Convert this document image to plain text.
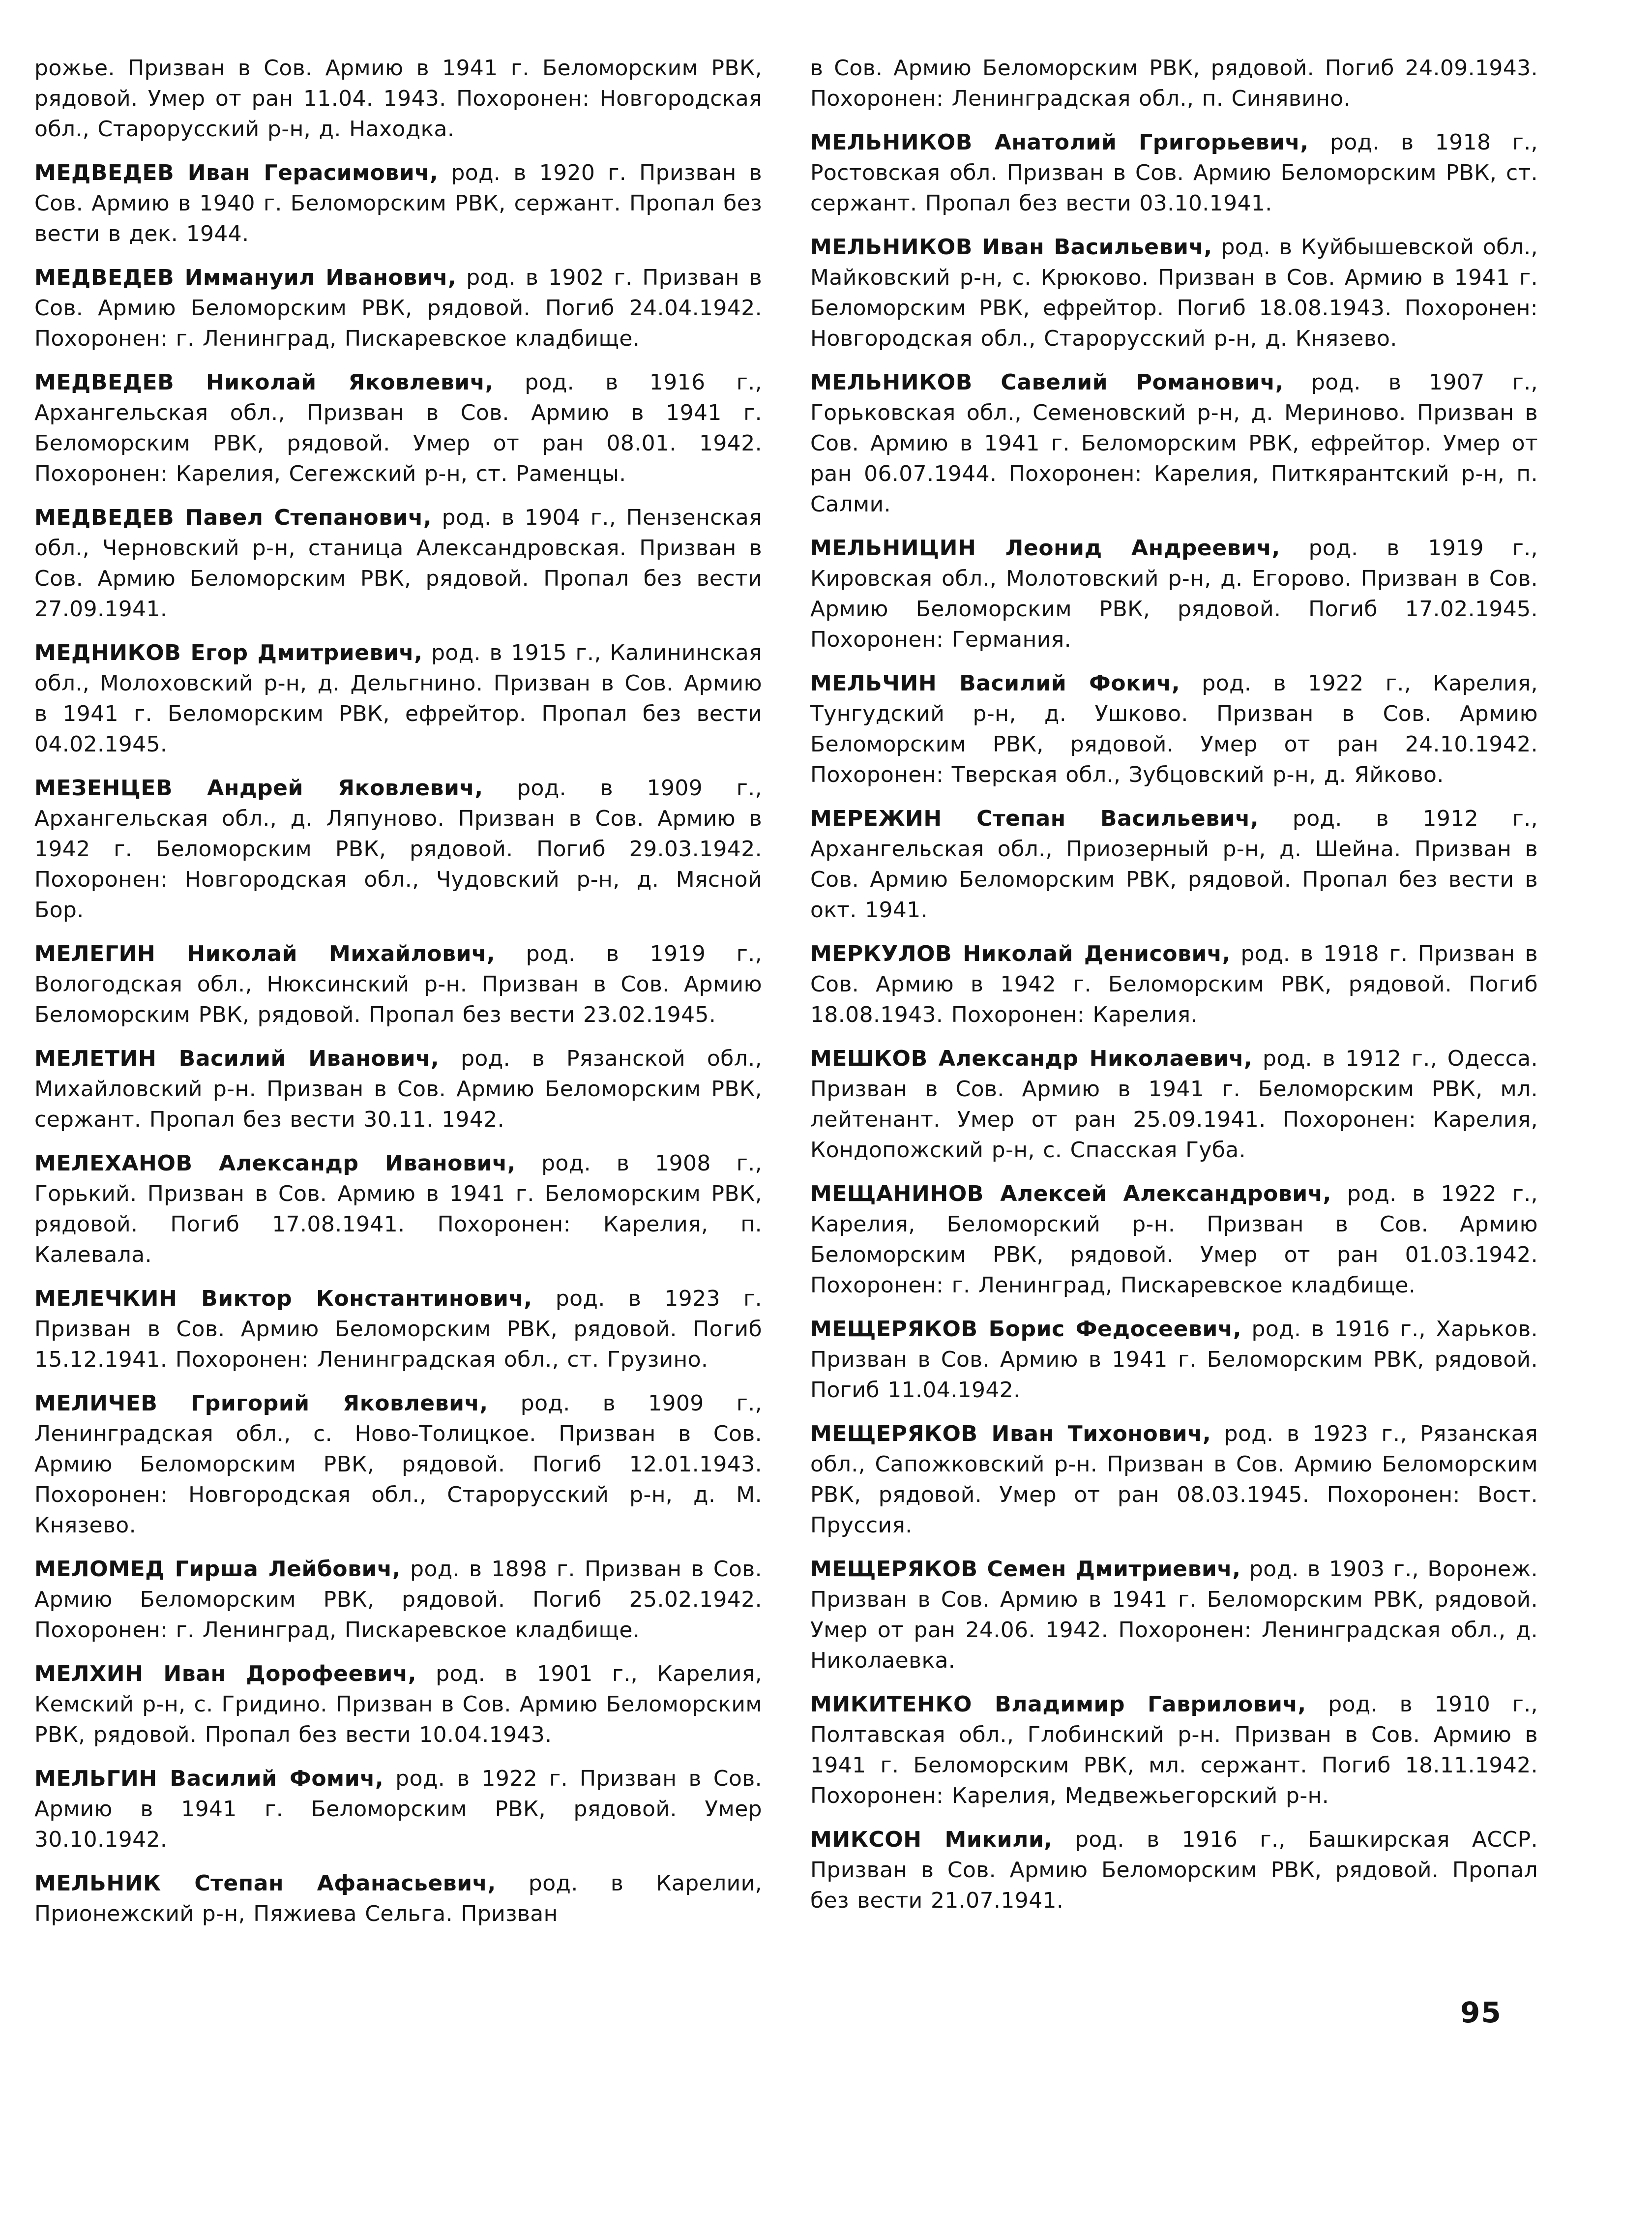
рожье. Призван в Сов. Армию в 1941 г. Беломорским РВК, рядовой. Умер от ран 11.04. 1943. Похоронен: Новгородская обл., Старорусский р-н, д. Находка.

МЕДВЕДЕВ Иван Герасимович, род. в 1920 г. Призван в Сов. Армию в 1940 г. Беломорским РВК, сержант. Пропал без вести в дек. 1944.

МЕДВЕДЕВ Иммануил Иванович, род. в 1902 г. Призван в Сов. Армию Беломорским РВК, рядовой. Погиб 24.04.1942. Похоронен: г. Ленинград, Пискаревское кладбище.

МЕДВЕДЕВ Николай Яковлевич, род. в 1916 г., Архангельская обл., Призван в Сов. Армию в 1941 г. Беломорским РВК, рядовой. Умер от ран 08.01. 1942. Похоронен: Карелия, Сегежский р-н, ст. Раменцы.

МЕДВЕДЕВ Павел Степанович, род. в 1904 г., Пензенская обл., Черновский р-н, станица Александровская. Призван в Сов. Армию Беломорским РВК, рядовой. Пропал без вести 27.09.1941.

МЕДНИКОВ Егор Дмитриевич, род. в 1915 г., Калининская обл., Молоховский р-н, д. Дельгнино. Призван в Сов. Армию в 1941 г. Беломорским РВК, ефрейтор. Пропал без вести 04.02.1945.

МЕЗЕНЦЕВ Андрей Яковлевич, род. в 1909 г., Архангельская обл., д. Ляпуново. Призван в Сов. Армию в 1942 г. Беломорским РВК, рядовой. Погиб 29.03.1942. Похоронен: Новгородская обл., Чудовский р-н, д. Мясной Бор.

МЕЛЕГИН Николай Михайлович, род. в 1919 г., Вологодская обл., Нюксинский р-н. Призван в Сов. Армию Беломорским РВК, рядовой. Пропал без вести 23.02.1945.

МЕЛЕТИН Василий Иванович, род. в Рязанской обл., Михайловский р-н. Призван в Сов. Армию Беломорским РВК, сержант. Пропал без вести 30.11. 1942.

МЕЛЕХАНОВ Александр Иванович, род. в 1908 г., Горький. Призван в Сов. Армию в 1941 г. Беломорским РВК, рядовой. Погиб 17.08.1941. Похоронен: Карелия, п. Калевала.

МЕЛЕЧКИН Виктор Константинович, род. в 1923 г. Призван в Сов. Армию Беломорским РВК, рядовой. Погиб 15.12.1941. Похоронен: Ленинградская обл., ст. Грузино.

МЕЛИЧЕВ Григорий Яковлевич, род. в 1909 г., Ленинградская обл., с. Ново-Толицкое. Призван в Сов. Армию Беломорским РВК, рядовой. Погиб 12.01.1943. Похоронен: Новгородская обл., Старорусский р-н, д. М. Князево.

МЕЛОМЕД Гирша Лейбович, род. в 1898 г. Призван в Сов. Армию Беломорским РВК, рядовой. Погиб 25.02.1942. Похоронен: г. Ленинград, Пискаревское кладбище.

МЕЛХИН Иван Дорофеевич, род. в 1901 г., Карелия, Кемский р-н, с. Гридино. Призван в Сов. Армию Беломорским РВК, рядовой. Пропал без вести 10.04.1943.

МЕЛЬГИН Василий Фомич, род. в 1922 г. Призван в Сов. Армию в 1941 г. Беломорским РВК, рядовой. Умер 30.10.1942.

МЕЛЬНИК Степан Афанасьевич, род. в Карелии, Прионежский р-н, Пяжиева Сельга. Призван

в Сов. Армию Беломорским РВК, рядовой. Погиб 24.09.1943. Похоронен: Ленинградская обл., п. Синявино.

МЕЛЬНИКОВ Анатолий Григорьевич, род. в 1918 г., Ростовская обл. Призван в Сов. Армию Беломорским РВК, ст. сержант. Пропал без вести 03.10.1941.

МЕЛЬНИКОВ Иван Васильевич, род. в Куйбышевской обл., Майковский р-н, с. Крюково. Призван в Сов. Армию в 1941 г. Беломорским РВК, ефрейтор. Погиб 18.08.1943. Похоронен: Новгородская обл., Старорусский р-н, д. Князево.

МЕЛЬНИКОВ Савелий Романович, род. в 1907 г., Горьковская обл., Семеновский р-н, д. Мериново. Призван в Сов. Армию в 1941 г. Беломорским РВК, ефрейтор. Умер от ран 06.07.1944. Похоронен: Карелия, Питкярантский р-н, п. Салми.

МЕЛЬНИЦИН Леонид Андреевич, род. в 1919 г., Кировская обл., Молотовский р-н, д. Егорово. Призван в Сов. Армию Беломорским РВК, рядовой. Погиб 17.02.1945. Похоронен: Германия.

МЕЛЬЧИН Василий Фокич, род. в 1922 г., Карелия, Тунгудский р-н, д. Ушково. Призван в Сов. Армию Беломорским РВК, рядовой. Умер от ран 24.10.1942. Похоронен: Тверская обл., Зубцовский р-н, д. Яйково.

МЕРЕЖИН Степан Васильевич, род. в 1912 г., Архангельская обл., Приозерный р-н, д. Шейна. Призван в Сов. Армию Беломорским РВК, рядовой. Пропал без вести в окт. 1941.

МЕРКУЛОВ Николай Денисович, род. в 1918 г. Призван в Сов. Армию в 1942 г. Беломорским РВК, рядовой. Погиб 18.08.1943. Похоронен: Карелия.

МЕШКОВ Александр Николаевич, род. в 1912 г., Одесса. Призван в Сов. Армию в 1941 г. Беломорским РВК, мл. лейтенант. Умер от ран 25.09.1941. Похоронен: Карелия, Кондопожский р-н, с. Спасская Губа.

МЕЩАНИНОВ Алексей Александрович, род. в 1922 г., Карелия, Беломорский р-н. Призван в Сов. Армию Беломорским РВК, рядовой. Умер от ран 01.03.1942. Похоронен: г. Ленинград, Пискаревское кладбище.

МЕЩЕРЯКОВ Борис Федосеевич, род. в 1916 г., Харьков. Призван в Сов. Армию в 1941 г. Беломорским РВК, рядовой. Погиб 11.04.1942.

МЕЩЕРЯКОВ Иван Тихонович, род. в 1923 г., Рязанская обл., Сапожковский р-н. Призван в Сов. Армию Беломорским РВК, рядовой. Умер от ран 08.03.1945. Похоронен: Вост. Пруссия.

МЕЩЕРЯКОВ Семен Дмитриевич, род. в 1903 г., Воронеж. Призван в Сов. Армию в 1941 г. Беломорским РВК, рядовой. Умер от ран 24.06. 1942. Похоронен: Ленинградская обл., д. Николаевка.

МИКИТЕНКО Владимир Гаврилович, род. в 1910 г., Полтавская обл., Глобинский р-н. Призван в Сов. Армию в 1941 г. Беломорским РВК, мл. сержант. Погиб 18.11.1942. Похоронен: Карелия, Медвежьегорский р-н.

МИКСОН Микили, род. в 1916 г., Башкирская АССР. Призван в Сов. Армию Беломорским РВК, рядовой. Пропал без вести 21.07.1941.

95
